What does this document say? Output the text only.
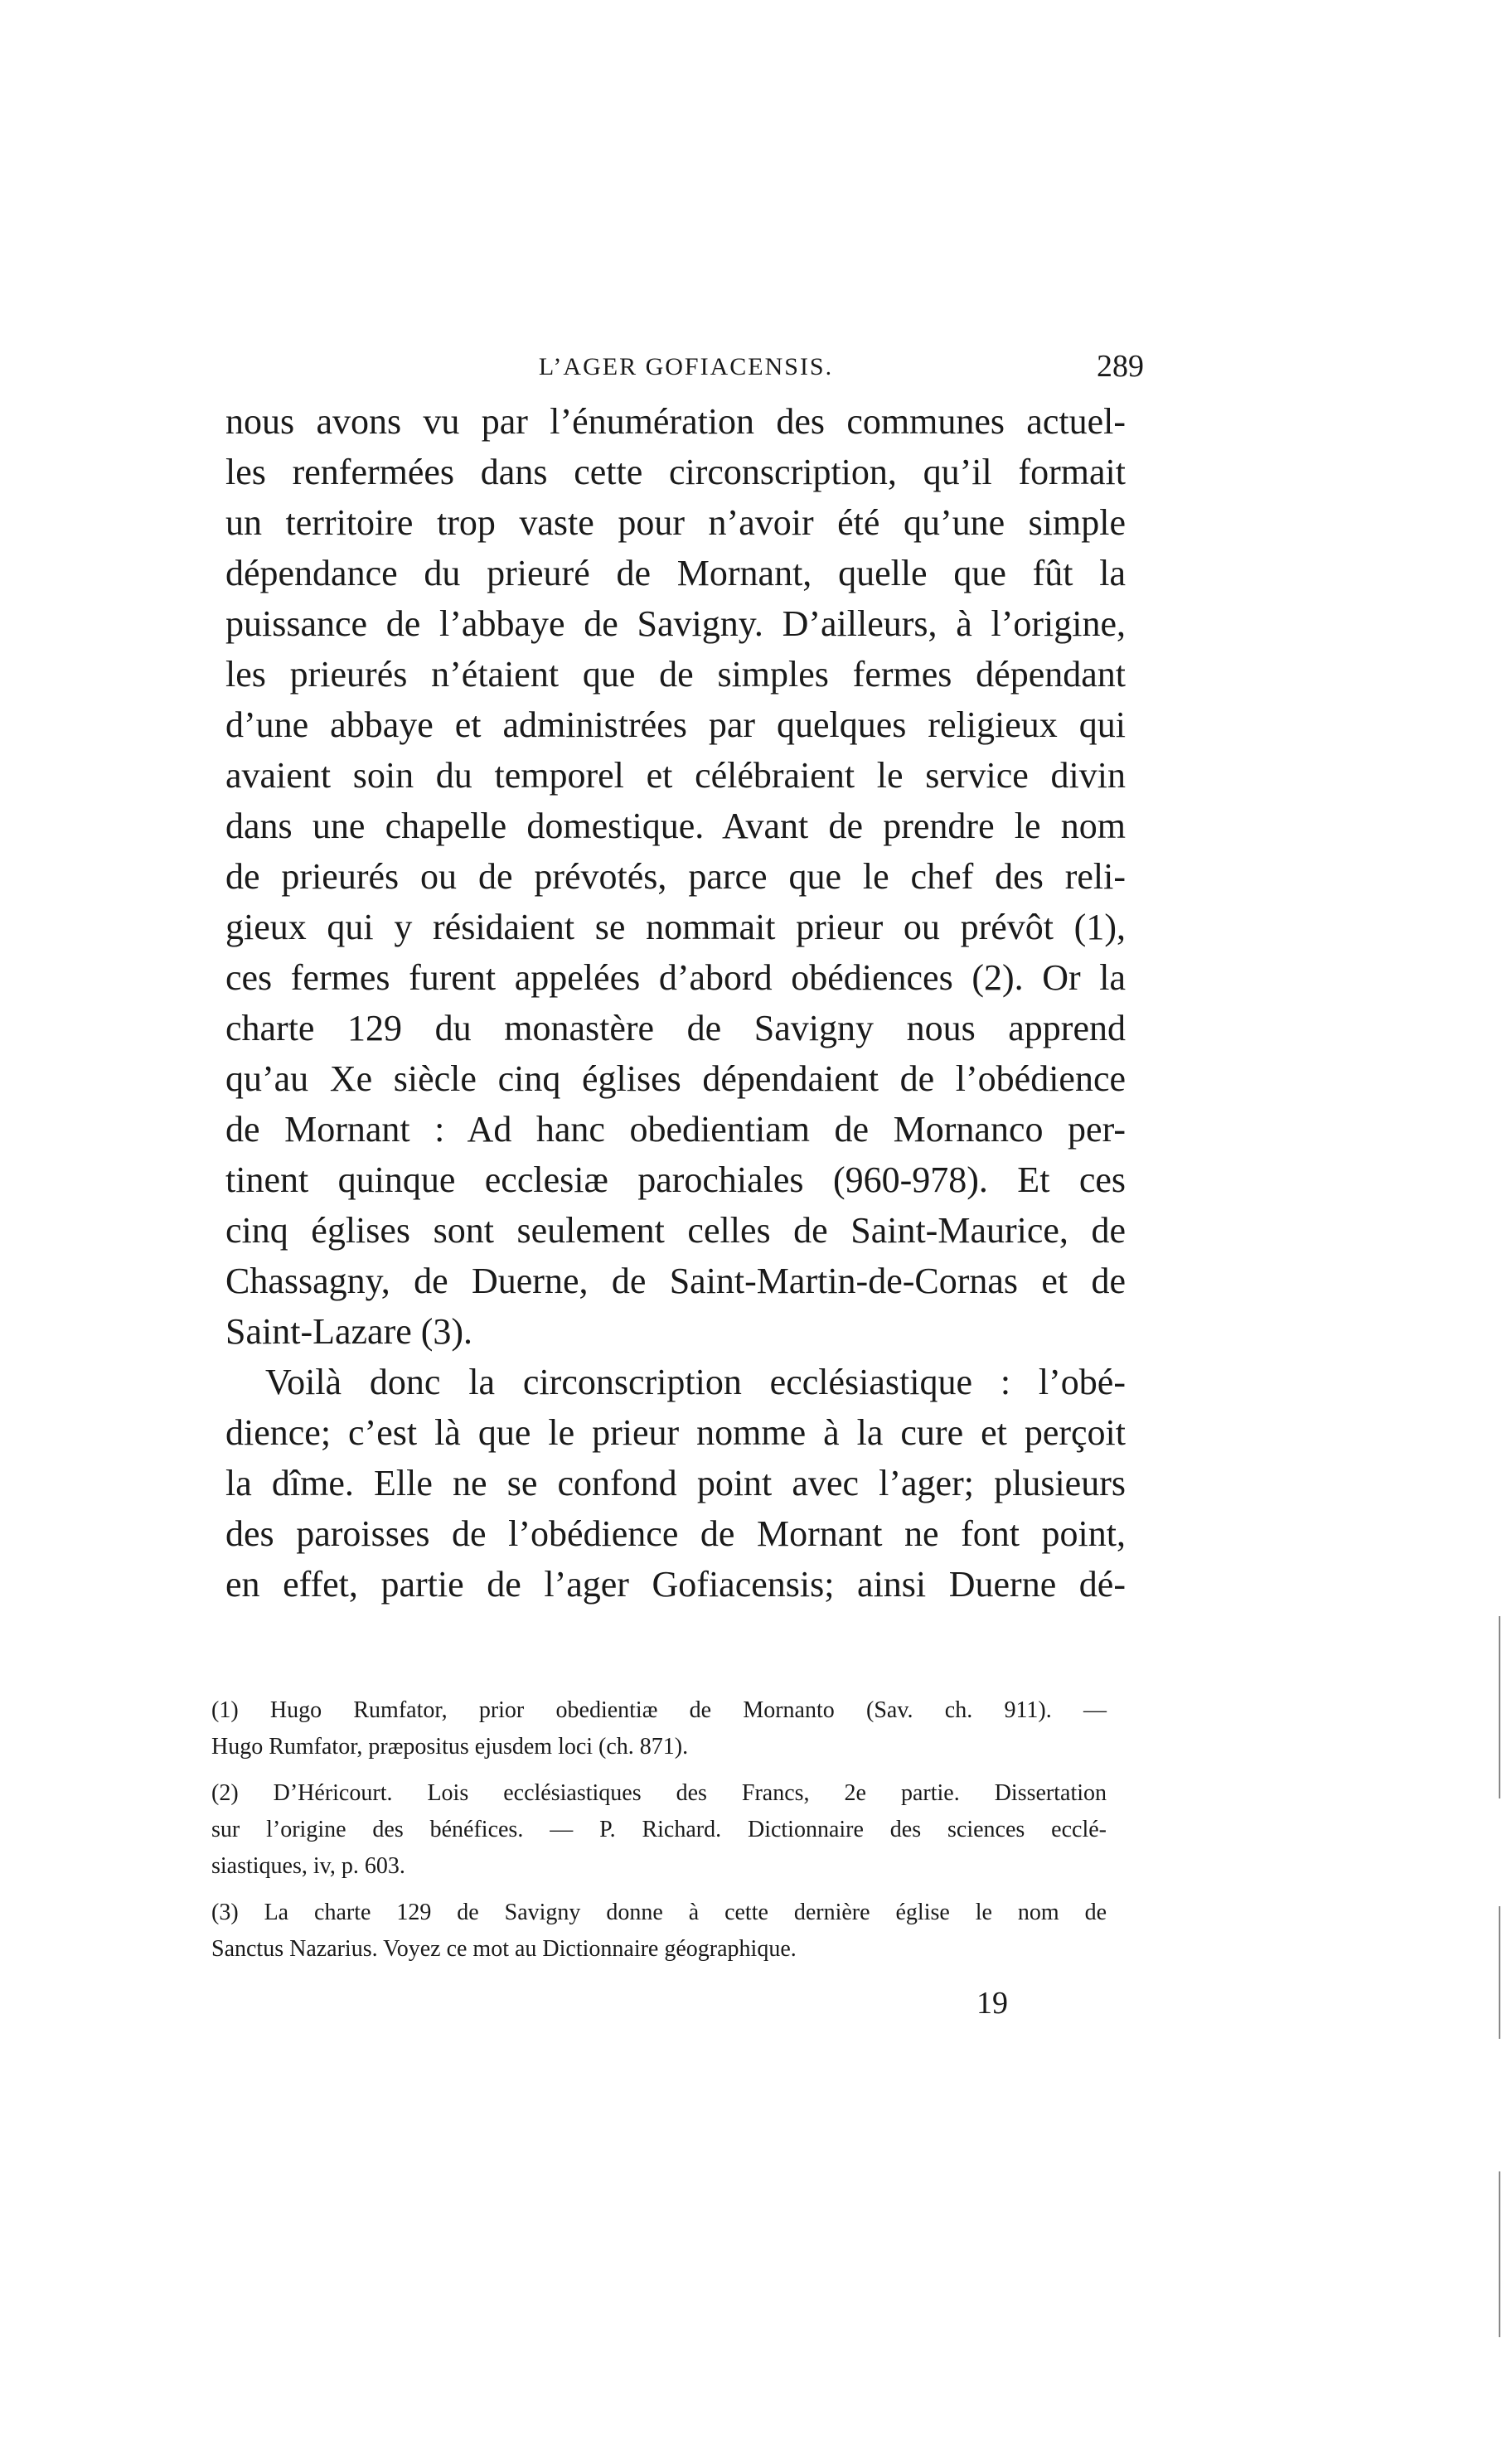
L’AGER GOFIACENSIS.	289
nous avons vu par l’énumération des communes actuel-
les renfermées dans cette circonscription, qu’il formait
un territoire trop vaste pour n’avoir été qu’une simple
dépendance du prieuré de Mornant, quelle que fût la
puissance de l’abbaye de Savigny. D’ailleurs, à l’origine,
les prieurés n’étaient que de simples fermes dépendant
d’une abbaye et administrées par quelques religieux qui
avaient soin du temporel et célébraient le service divin
dans une chapelle domestique. Avant de prendre le nom
de prieurés ou de prévotés, parce que le chef des reli-
gieux qui y résidaient se nommait prieur ou prévôt (1),
ces fermes furent appelées d’abord obédiences (2). Or la
charte 129 du monastère de Savigny nous apprend
qu’au Xe siècle cinq églises dépendaient de l’obédience
de Mornant : Ad hanc obedientiam de Mornanco per-
tinent quinque ecclesiæ parochiales (960-978). Et ces
cinq églises sont seulement celles de Saint-Maurice, de
Chassagny, de Duerne, de Saint-Martin-de-Cornas et de
Saint-Lazare (3).
Voilà donc la circonscription ecclésiastique : l’obé-
dience; c’est là que le prieur nomme à la cure et perçoit
la dîme. Elle ne se confond point avec l’ager; plusieurs
des paroisses de l’obédience de Mornant ne font point,
en effet, partie de l’ager Gofiacensis; ainsi Duerne dé-
(1) Hugo Rumfator, prior obedientiæ de Mornanto (Sav. ch. 911). —
Hugo Rumfator, præpositus ejusdem loci (ch. 871).
(2) D’Héricourt. Lois ecclésiastiques des Francs, 2e partie. Dissertation
sur l’origine des bénéfices. — P. Richard. Dictionnaire des sciences ecclé-
siastiques, iv, p. 603.
(3) La charte 129 de Savigny donne à cette dernière église le nom de
Sanctus Nazarius. Voyez ce mot au Dictionnaire géographique.
19
